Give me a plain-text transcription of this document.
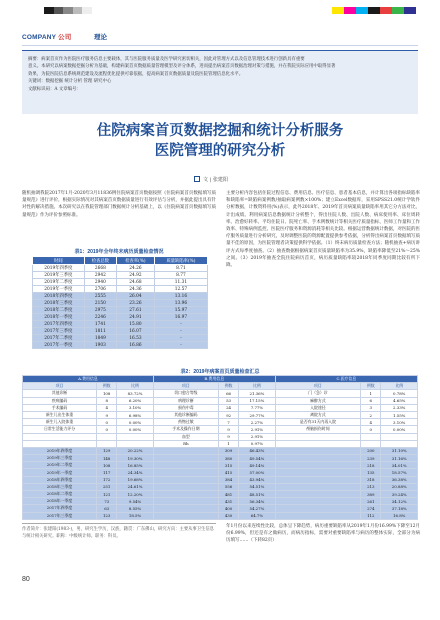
COMPANY 公司	理论
摘要：病案首页作为医院医疗服务信息主要载体，其与医院服务质量及医学研究密切相关，因此对管理方式以及信息管理技术进行创新具有重要
意义。本研究以病案数据挖掘分析为基础，构建病案首页数据质量管理模型及评分体系，进而提出病案首页数据治理对策与措施，并在我院实际应用中取得显著
效果，为院医院信息系统规范建设及流程优化提供可靠依据，提高病案首页数据质量及院医院管理信息化水平。
关键词：数据挖掘 统计分析 管理 研究中心
文献标识码：A 文章编号：
住院病案首页数据挖掘和统计分析服务
医院管理的研究分析
文 | 张建阳
随机抽调我院2017年1月-2020年3月11836例住院病案首页数据按照《住院病案首页数据填写质量规范》进行评价，根据实际情况对其病案首页数据质量进行有效评估与分析，并据此提出具有针对性的解决措施。本次研究以在我院管理部门数据统计分析基础上，以《住院病案首页数据填写质量规范》作为评价参照标准。
表1：2019年全年终末病历质量检查情况
时间	检查总数	检查率(%)	质量缺陷率(%)
2019年四季度	2668	24.26	8.71
2019年三季度	2942	24.92	8.77
2019年二季度	2940	24.68	11.31
2019年一季度	2706	24.36	12.57
2018年四季度	2555	26.04	13.16
2018年三季度	2150	23.26	13.96
2018年二季度	2975	27.61	15.97
2018年一季度	2246	24.91	16.97
2017年四季度	1741	15.80	-
2017年三季度	1811	16.07	-
2017年二季度	1849	16.53	-
2017年一季度	1903	16.86	-
主要分析内容包括住院过程信息、费用信息、医疗信息、患者基本信息，并计算出各项指标缺陷率和缺陷率=缺陷病案例数/抽取病案例数×100%；建立Excel数据库，采用SPSS21.0统计学软件分析数据，计数资料用(%)表示，此外2018年、2019年首页病案质量缺陷率用其它分方法对比，计出成绩。利用病案信息数据统计分析整个，得出住院人数、出院人数、病床使用率、床位周转率、治愈好转率、平均住院日、院死亡率、手术例数统计等相关医疗质量指标，医师工作量和工作效率、特殊病例监控、医院医疗服务和资源消耗等相关比较。根据运营数据统计数据，对医院的医疗服务质量进行分析研究，及时调整医院的资源配置提供参考依据，分析得出病案首页数据填写质量不佳的原因，为医院管理者决策提供科学依据。（1）终末病历质量检查方法；随机抽查+病历讲评方式每季度抽查。（2）抽查数据根据病案首页质量缺陷率为35.9%，缺陷率降低至21%～25%之间。（3）2019年抽查全院住院病历首页，病历质量缺陷率较2018年同季度同期比较有所下降。
表2：2019年病案首页质量检查汇总
A.费用信息			B.费用信息			C.医疗信息		
项目	例数	比例	项目	例数	比例	项目	例数	比例
其他诊断	108	83.72%	切口愈合等级	66	21.36%	门（急）诊	1	0.78%
疾病编码	8	6.20%	病理诊断	53	17.15%	麻醉方式	6	4.65%
手术编码	4	3.10%	损伤中毒	24	7.77%	入院途径	3	2.33%
新生儿出生体重	9	6.98%	其他诊断编码	92	29.77%	离院方式	2	1.55%
新生儿入院体重	0	0.00%	药物过敏	7	2.27%	是否有31天内再入院	4	3.10%
日常生活能力评分	0	0.00%	手术及操作日期	9	2.91%	颅脑损伤时间	0	0.00%
			血型	9	2.91%			
			Rh	1	0.97%			
2019年四季度	129	20.22%		309	46.43%		200	31.10%
2019年三季度	148	19.30%		380	49.54%		239	31.16%
2019年二季度	108	16.85%		315	49.14%		218	34.01%
2019年一季度	117	24.34%		415	57.00%		135	18.57%
2018年四季度	172	19.68%		384	43.94%		318	36.38%
2018年三季度	251	24.61%		556	54.51%		213	20.88%
2018年二季度	121	12.20%		481	48.51%		389	39.24%
2018年一季度	73	9.54%		431	56.34%		261	34.12%
2017年四季度	63	8.55%		400	54.27%		274	37.18%
2017年三季度	123	18.5%		430	64.7%		112	16.8%
作者简介：张建阳(1983-)，男，研究生学历，汉族，籍贯：广东佛山，研究方向：主要从事卫生信息与统计相关研究。职称：中级统计师。职务：科员。
年1月份以来连续性比较，总体呈下降趋势，病历重要缺陷率从2019年1月份16.99%下降至12月份6.99%，但还是有之做病历，而病历指标，需要对重要缺陷率与病历的整体实际，全部分为病历填写……（下转82页）
80
